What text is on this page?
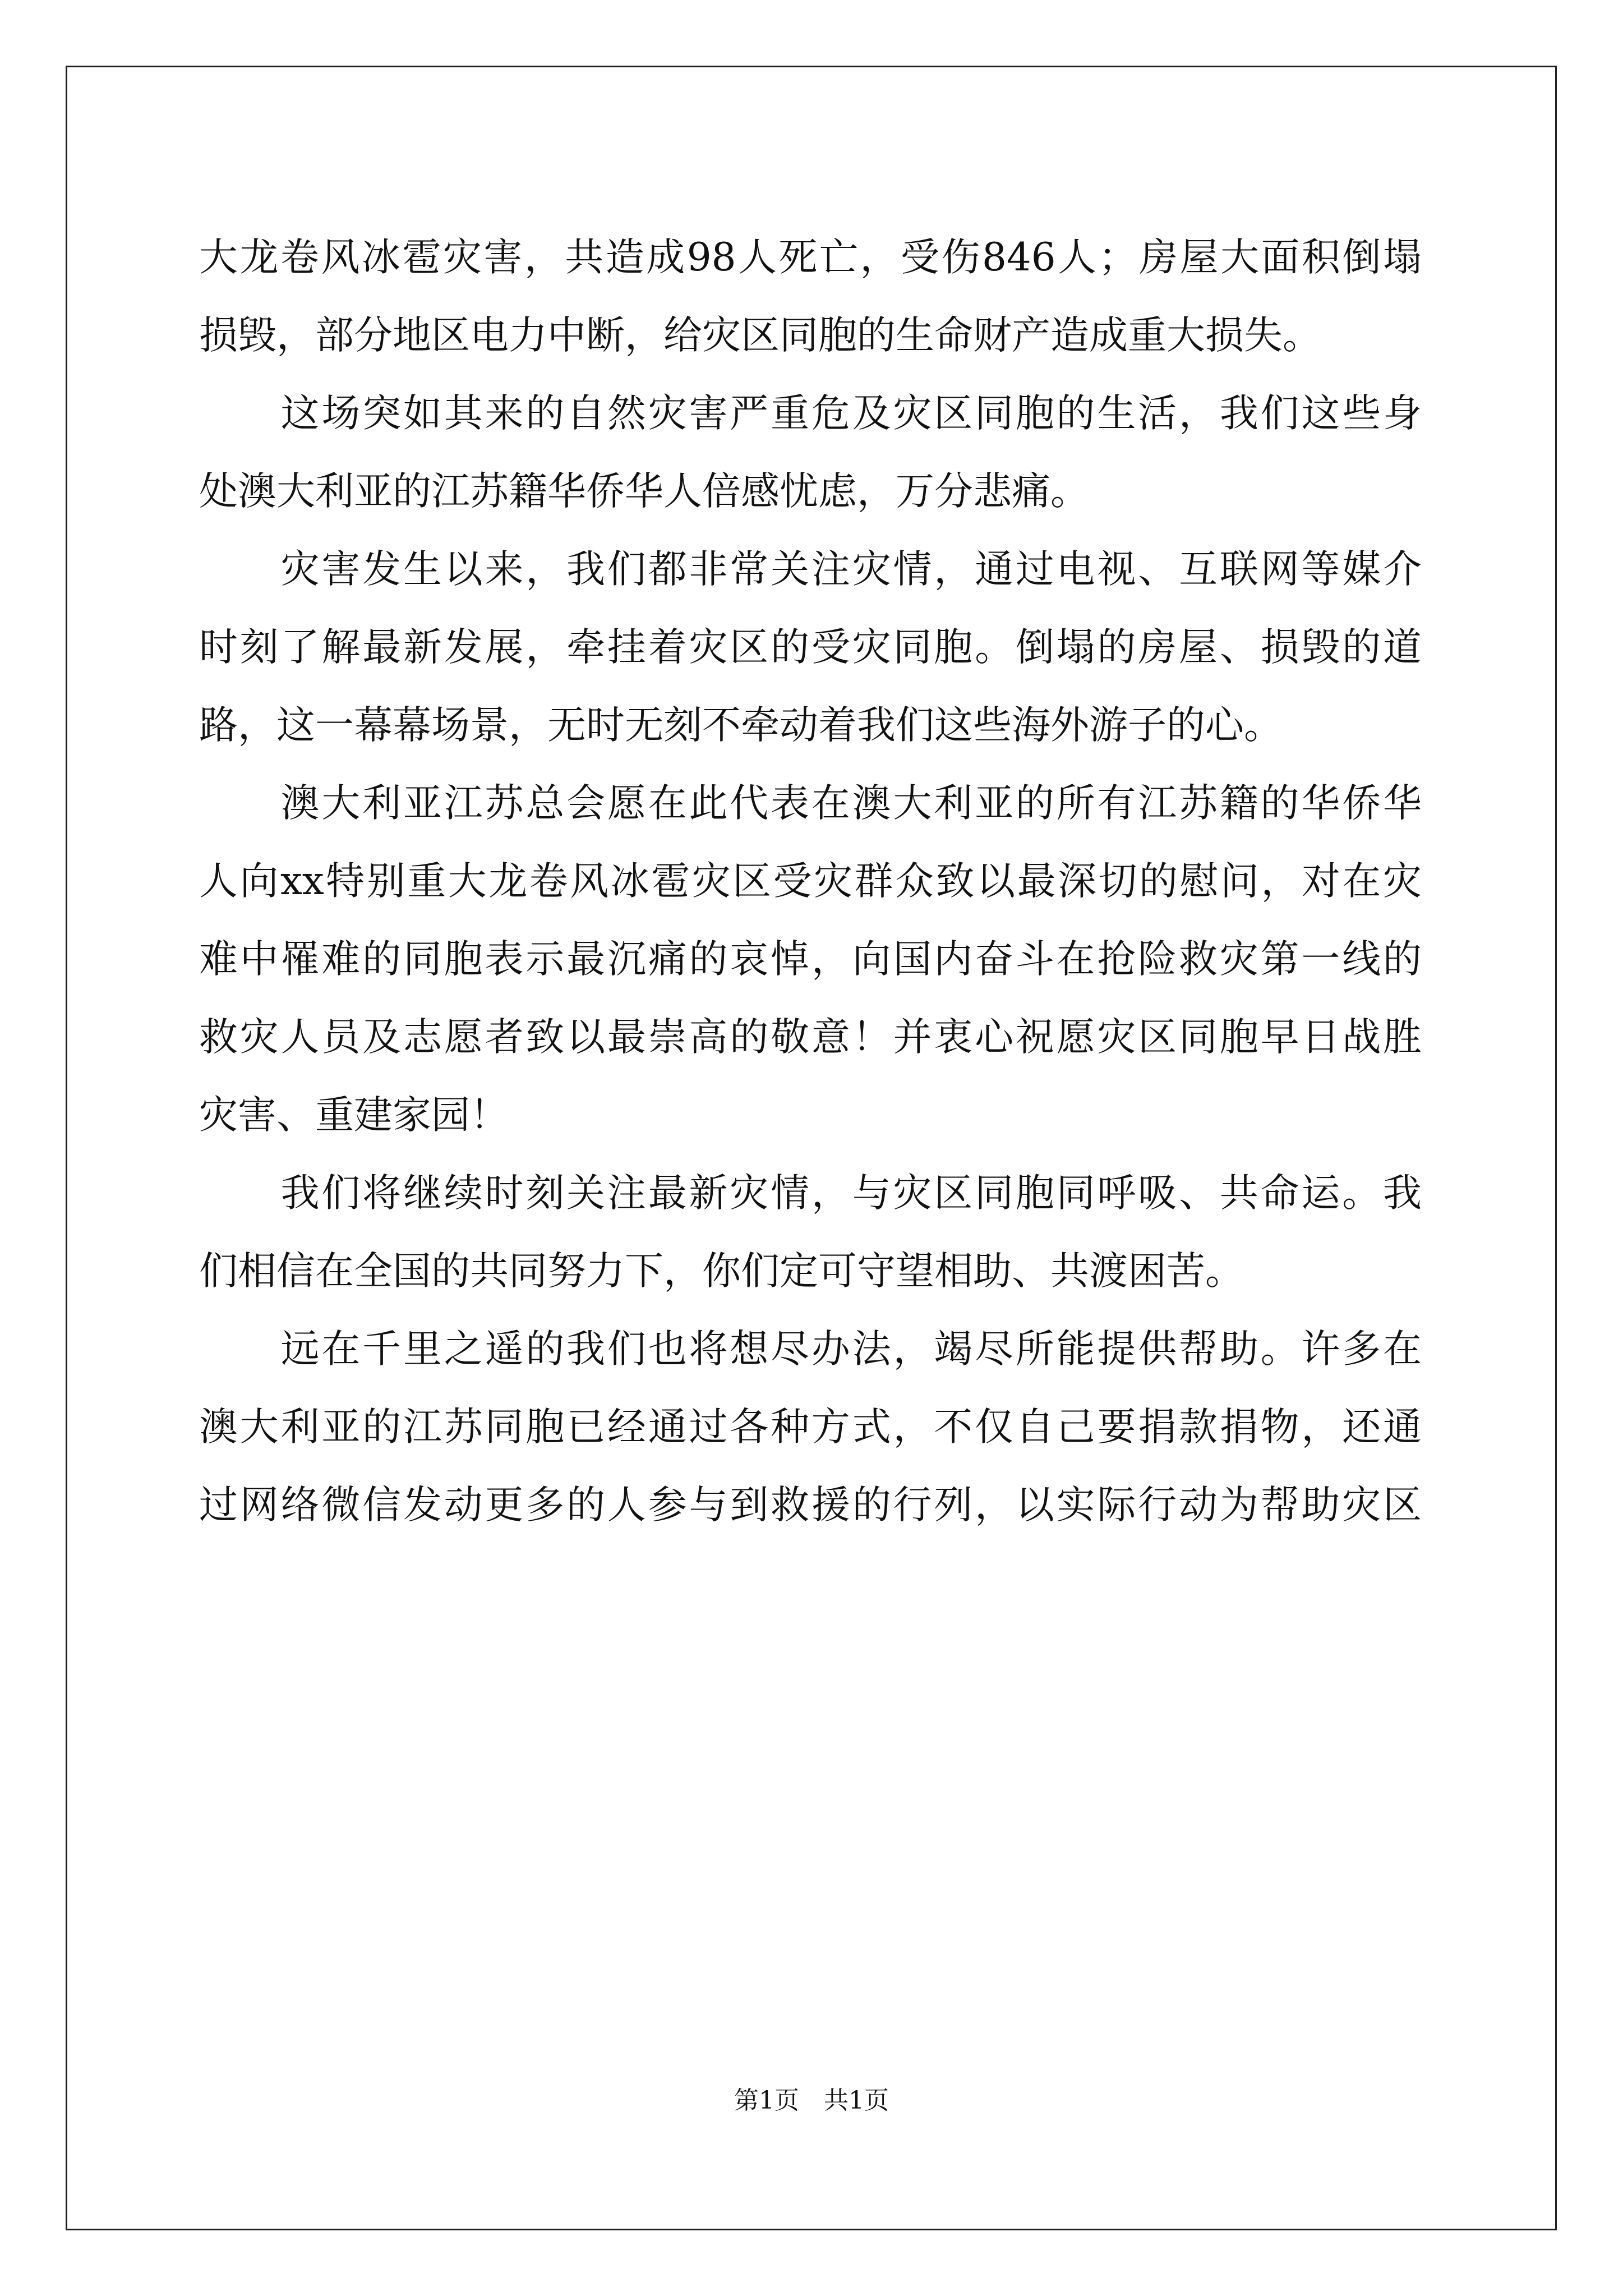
大龙卷风冰雹灾害，共造成98人死亡，受伤846人；房屋大面积倒塌
损毁，部分地区电力中断，给灾区同胞的生命财产造成重大损失。
　　这场突如其来的自然灾害严重危及灾区同胞的生活，我们这些身
处澳大利亚的江苏籍华侨华人倍感忧虑，万分悲痛。
　　灾害发生以来，我们都非常关注灾情，通过电视、互联网等媒介
时刻了解最新发展，牵挂着灾区的受灾同胞。倒塌的房屋、损毁的道
路，这一幕幕场景，无时无刻不牵动着我们这些海外游子的心。
　　澳大利亚江苏总会愿在此代表在澳大利亚的所有江苏籍的华侨华
人向xx特别重大龙卷风冰雹灾区受灾群众致以最深切的慰问，对在灾
难中罹难的同胞表示最沉痛的哀悼，向国内奋斗在抢险救灾第一线的
救灾人员及志愿者致以最崇高的敬意！并衷心祝愿灾区同胞早日战胜
灾害、重建家园！
　　我们将继续时刻关注最新灾情，与灾区同胞同呼吸、共命运。我
们相信在全国的共同努力下，你们定可守望相助、共渡困苦。
　　远在千里之遥的我们也将想尽办法，竭尽所能提供帮助。许多在
澳大利亚的江苏同胞已经通过各种方式，不仅自己要捐款捐物，还通
过网络微信发动更多的人参与到救援的行列，以实际行动为帮助灾区
第1页　共1页
